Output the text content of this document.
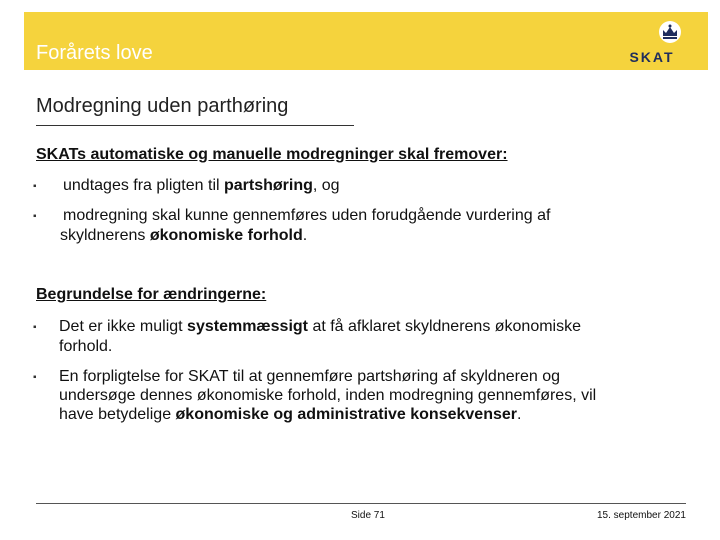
Forårets love	SKAT
Modregning uden parthøring
SKATs automatiske og manuelle modregninger skal fremover:
▪ undtages fra pligten til partshøring, og
▪ modregning skal kunne gennemføres uden forudgående vurdering af
skyldnerens økonomiske forhold.
Begrundelse for ændringerne:
▪ Det er ikke muligt systemmæssigt at få afklaret skyldnerens økonomiske
forhold.
▪ En forpligtelse for SKAT til at gennemføre partshøring af skyldneren og
undersøge dennes økonomiske forhold, inden modregning gennemføres, vil
have betydelige økonomiske og administrative konsekvenser.
Side 71	15. september 2021
